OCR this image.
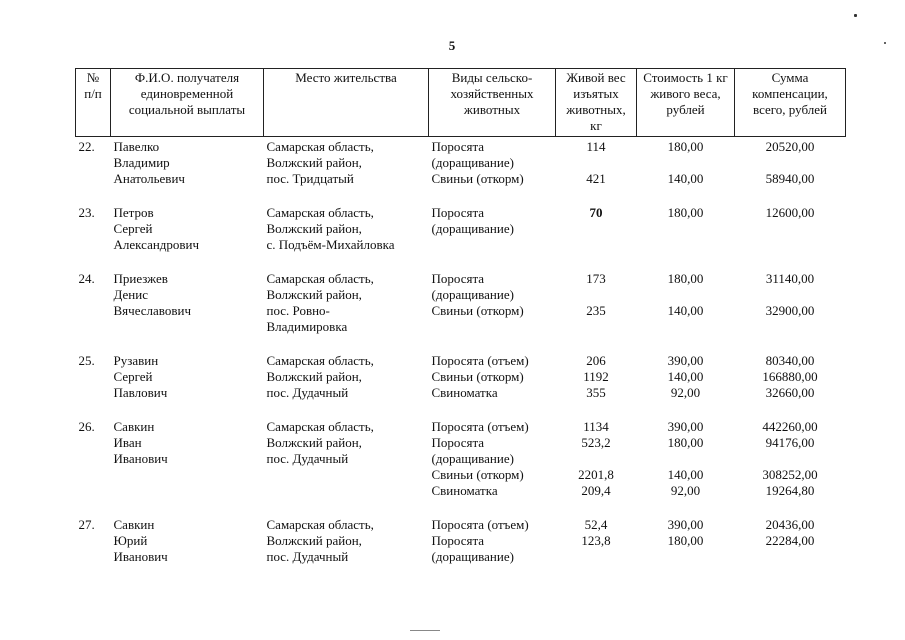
5
№
п/п	Ф.И.О. получателя единовременной социальной выплаты	Место жительства	Виды сельско-хозяйственных животных	Живой вес изъятых животных, кг	Стоимость 1 кг живого веса, рублей	Сумма компенсации, всего, рублей
22.	Павелко	Самарская область,	Поросята	114	180,00	20520,00
	Владимир	Волжский район,	(доращивание)			
	Анатольевич	пос. Тридцатый	Свиньи (откорм)	421	140,00	58940,00

23.	Петров	Самарская область,	Поросята	70	180,00	12600,00
	Сергей	Волжский район,	(доращивание)			
	Александрович	с. Подъём-Михайловка				

24.	Приезжев	Самарская область,	Поросята	173	180,00	31140,00
	Денис	Волжский район,	(доращивание)			
	Вячеславович	пос. Ровно-	Свиньи (откорм)	235	140,00	32900,00
		Владимировка				

25.	Рузавин	Самарская область,	Поросята (отъем)	206	390,00	80340,00
	Сергей	Волжский район,	Свиньи (откорм)	1192	140,00	166880,00
	Павлович	пос. Дудачный	Свиноматка	355	92,00	32660,00

26.	Савкин	Самарская область,	Поросята (отъем)	1134	390,00	442260,00
	Иван	Волжский район,	Поросята	523,2	180,00	94176,00
	Иванович	пос. Дудачный	(доращивание)			
			Свиньи (откорм)	2201,8	140,00	308252,00
			Свиноматка	209,4	92,00	19264,80

27.	Савкин	Самарская область,	Поросята (отъем)	52,4	390,00	20436,00
	Юрий	Волжский район,	Поросята	123,8	180,00	22284,00
	Иванович	пос. Дудачный	(доращивание)			
